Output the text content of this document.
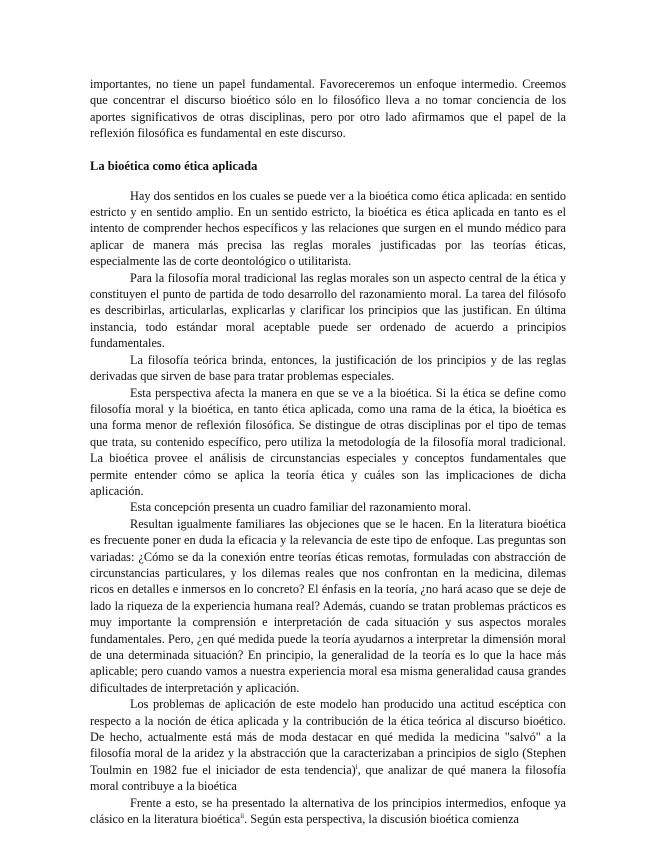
importantes, no tiene un papel fundamental. Favoreceremos un enfoque intermedio. Creemos que concentrar el discurso bioético sólo en lo filosófico lleva a no tomar conciencia de los aportes significativos de otras disciplinas, pero por otro lado afirmamos que el papel de la reflexión filosófica es fundamental en este discurso.

La bioética como ética aplicada

Hay dos sentidos en los cuales se puede ver a la bioética como ética aplicada: en sentido estricto y en sentido amplio. En un sentido estricto, la bioética es ética aplicada en tanto es el intento de comprender hechos específicos y las relaciones que surgen en el mundo médico para aplicar de manera más precisa las reglas morales justificadas por las teorías éticas, especialmente las de corte deontológico o utilitarista.

Para la filosofía moral tradicional las reglas morales son un aspecto central de la ética y constituyen el punto de partida de todo desarrollo del razonamiento moral. La tarea del filósofo es describirlas, articularlas, explicarlas y clarificar los principios que las justifican. En última instancia, todo estándar moral aceptable puede ser ordenado de acuerdo a principios fundamentales.

La filosofía teórica brinda, entonces, la justificación de los principios y de las reglas derivadas que sirven de base para tratar problemas especiales.

Esta perspectiva afecta la manera en que se ve a la bioética. Si la ética se define como filosofía moral y la bioética, en tanto ética aplicada, como una rama de la ética, la bioética es una forma menor de reflexión filosófica. Se distingue de otras disciplinas por el tipo de temas que trata, su contenido específico, pero utiliza la metodología de la filosofía moral tradicional. La bioética provee el análisis de circunstancias especiales y conceptos fundamentales que permite entender cómo se aplica la teoría ética y cuáles son las implicaciones de dicha aplicación.

Esta concepción presenta un cuadro familiar del razonamiento moral.

Resultan igualmente familiares las objeciones que se le hacen. En la literatura bioética es frecuente poner en duda la eficacia y la relevancia de este tipo de enfoque. Las preguntas son variadas: ¿Cómo se da la conexión entre teorías éticas remotas, formuladas con abstracción de circunstancias particulares, y los dilemas reales que nos confrontan en la medicina, dilemas ricos en detalles e inmersos en lo concreto? El énfasis en la teoría, ¿no hará acaso que se deje de lado la riqueza de la experiencia humana real? Además, cuando se tratan problemas prácticos es muy importante la comprensión e interpretación de cada situación y sus aspectos morales fundamentales. Pero, ¿en qué medida puede la teoría ayudarnos a interpretar la dimensión moral de una determinada situación? En principio, la generalidad de la teoría es lo que la hace más aplicable; pero cuando vamos a nuestra experiencia moral esa misma generalidad causa grandes dificultades de interpretación y aplicación.

Los problemas de aplicación de este modelo han producido una actitud escéptica con respecto a la noción de ética aplicada y la contribución de la ética teórica al discurso bioético. De hecho, actualmente está más de moda destacar en qué medida la medicina "salvó" a la filosofía moral de la aridez y la abstracción que la caracterizaban a principios de siglo (Stephen Toulmin en 1982 fue el iniciador de esta tendencia)$^i$, que analizar de qué manera la filosofía moral contribuye a la bioética

Frente a esto, se ha presentado la alternativa de los principios intermedios, enfoque ya clásico en la literatura bioética$^{ii}$. Según esta perspectiva, la discusión bioética comienza
